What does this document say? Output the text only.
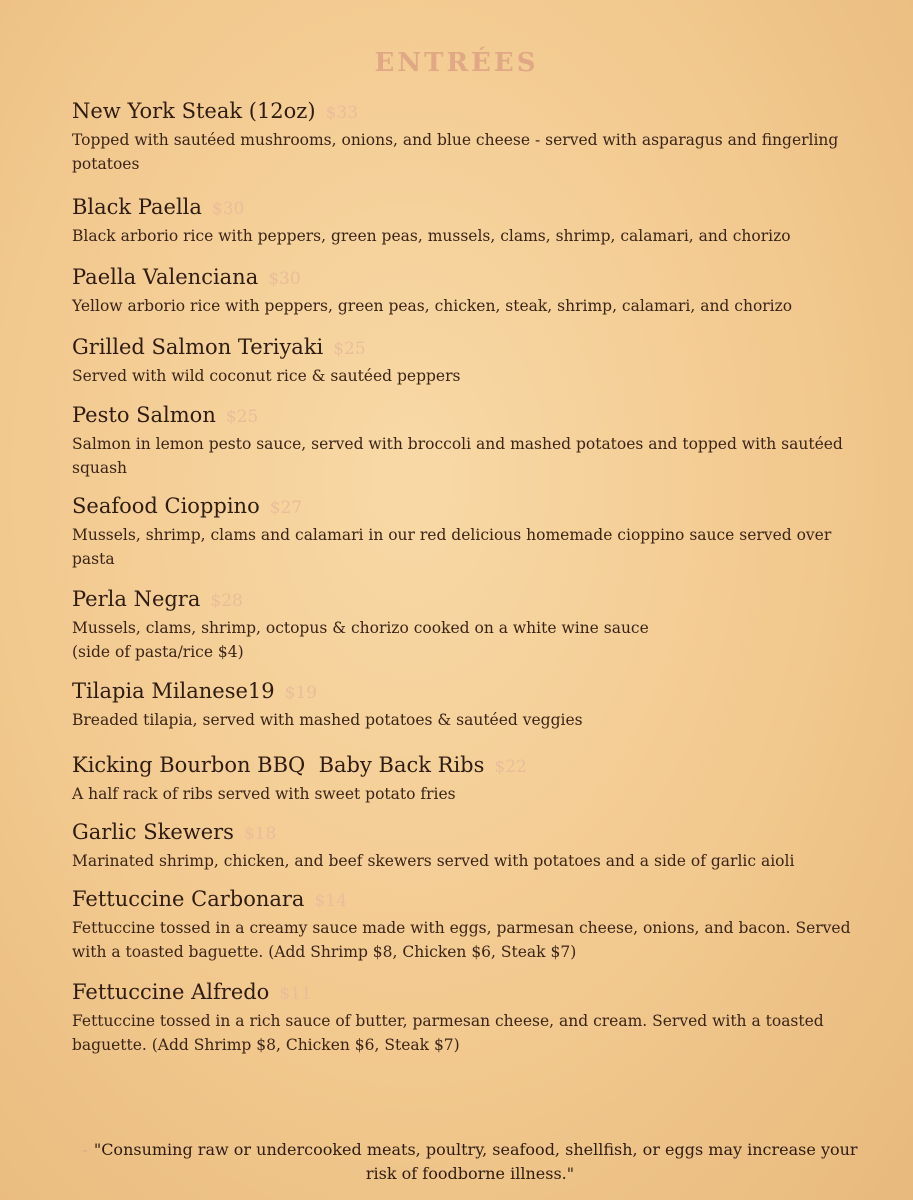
ENTRÉES
New York Steak (12oz) $33
Topped with sautéed mushrooms, onions, and blue cheese - served with asparagus and fingerling potatoes
Black Paella $30
Black arborio rice with peppers, green peas, mussels, clams, shrimp, calamari, and chorizo
Paella Valenciana $30
Yellow arborio rice with peppers, green peas, chicken, steak, shrimp, calamari, and chorizo
Grilled Salmon Teriyaki $25
Served with wild coconut rice & sautéed peppers
Pesto Salmon $25
Salmon in lemon pesto sauce, served with broccoli and mashed potatoes and topped with sautéed squash
Seafood Cioppino $27
Mussels, shrimp, clams and calamari in our red delicious homemade cioppino sauce served over pasta
Perla Negra $28
Mussels, clams, shrimp, octopus & chorizo cooked on a white wine sauce
(side of pasta/rice $4)
Tilapia Milanese19 $19
Breaded tilapia, served with mashed potatoes & sautéed veggies
Kicking Bourbon BBQ  Baby Back Ribs $22
A half rack of ribs served with sweet potato fries
Garlic Skewers $18
Marinated shrimp, chicken, and beef skewers served with potatoes and a side of garlic aioli
Fettuccine Carbonara $14
Fettuccine tossed in a creamy sauce made with eggs, parmesan cheese, onions, and bacon. Served with a toasted baguette. (Add Shrimp $8, Chicken $6, Steak $7)
Fettuccine Alfredo $11
Fettuccine tossed in a rich sauce of butter, parmesan cheese, and cream. Served with a toasted baguette. (Add Shrimp $8, Chicken $6, Steak $7)
- "Consuming raw or undercooked meats, poultry, seafood, shellfish, or eggs may increase your risk of foodborne illness."
